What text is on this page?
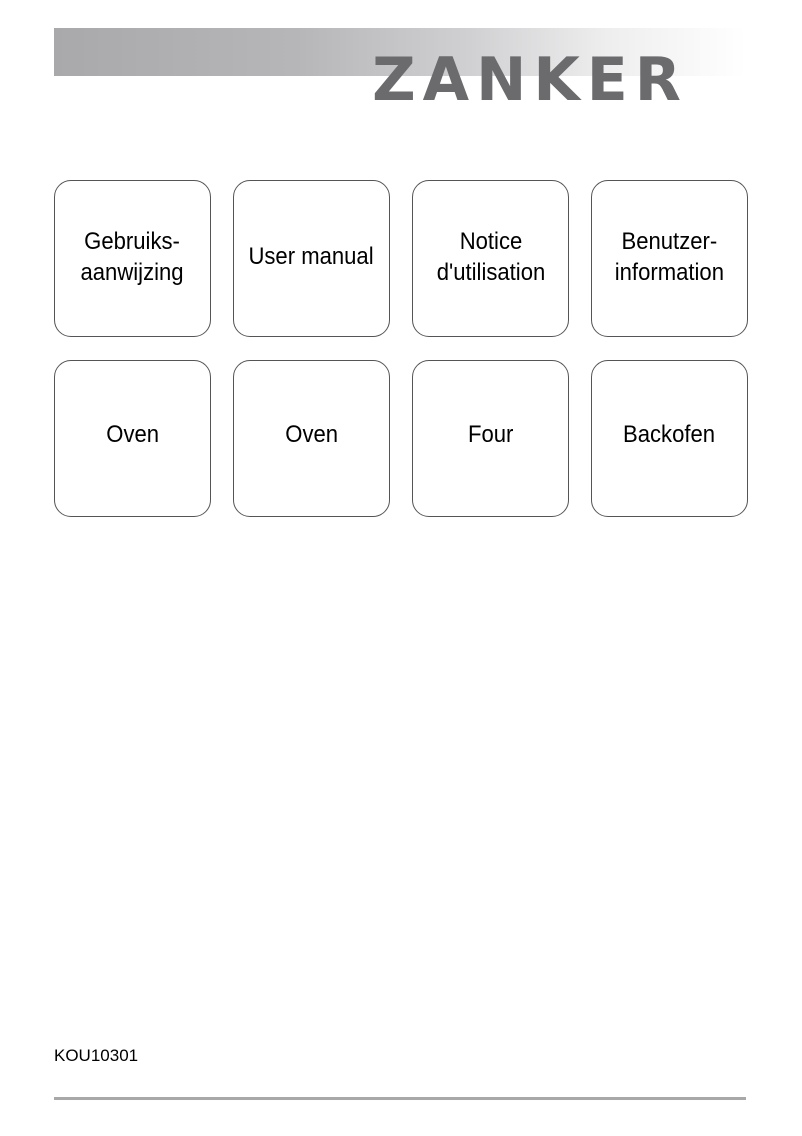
ZANKER
Gebruiks-
aanwijzing
User manual
Notice
d'utilisation
Benutzer-
information
Oven	Oven	Four	Backofen
KOU10301
